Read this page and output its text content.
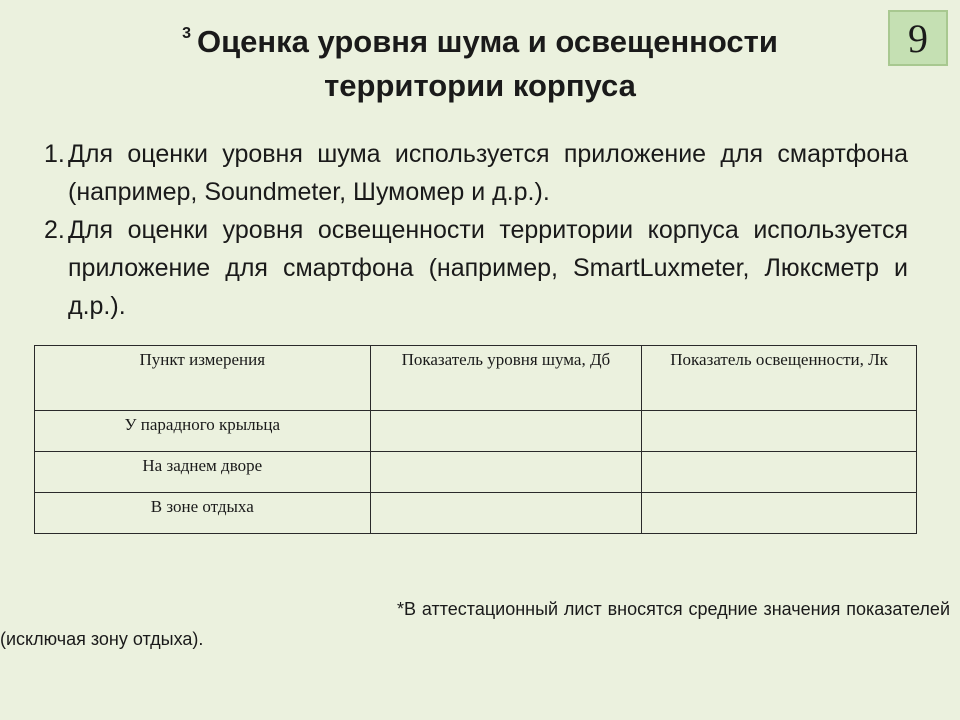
$^3$ Оценка уровня шума и освещенности
территории корпуса
9
1. Для оценки уровня шума используется приложение для смартфона (например, Soundmeter, Шумомер и д.р.).
2. Для оценки уровня освещенности территории корпуса используется приложение для смартфона (например, SmartLuxmeter, Люксметр и д.р.).
Пункт измерения	Показатель уровня шума, Дб	Показатель освещенности, Лк
У парадного крыльца		
На заднем дворе		
В зоне отдыха		
*В аттестационный лист вносятся средние значения показателей (исключая зону отдыха).
